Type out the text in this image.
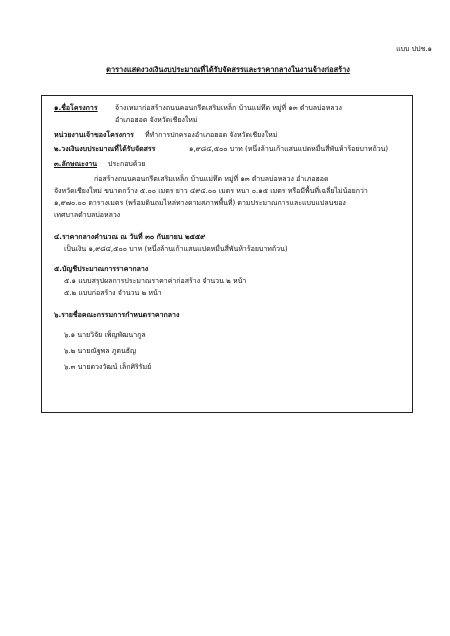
แบบ ปปช.๑
ตารางแสดงวงเงินงบประมาณที่ได้รับจัดสรรและราคากลางในงานจ้างก่อสร้าง
๑.ชื่อโครงการ จ้างเหมาก่อสร้างถนนคอนกรีตเสริมเหล็ก บ้านแม่ทึด หมู่ที่ ๑๓ ตำบลบ่อหลวง
อำเภอฮอด จังหวัดเชียงใหม่
หน่วยงานเจ้าของโครงการ ที่ทำการปกครองอำเภอฮอด จังหวัดเชียงใหม่
๒.วงเงินงบประมาณที่ได้รับจัดสรร	๑,๙๘๔,๕๐๐ บาท (หนึ่งล้านเก้าแสนแปดหมื่นสี่พันห้าร้อยบาทถ้วน)
๓.ลักษณะงาน ประกอบด้วย
ก่อสร้างถนนคอนกรีตเสริมเหล็ก บ้านแม่ทึด หมู่ที่ ๑๓ ตำบลบ่อหลวง อำเภอฮอด
จังหวัดเชียงใหม่ ขนาดกว้าง ๕.๐๐ เมตร ยาว ๔๙๔.๐๐ เมตร หนา ๐.๑๕ เมตร หรือมีพื้นที่เฉลี่ยไม่น้อยกว่า
๑,๙๗๐.๐๐ ตารางเมตร (พร้อมดินถมไหล่ทางตามสภาพพื้นที่) ตามประมาณการและแบบแปลนของ
เทศบาลตำบลบ่อหลวง
๔.ราคากลางคำนวณ ณ วันที่ ๓๐ กันยายน ๒๕๕๙
เป็นเงิน ๑,๙๘๔,๕๐๐ บาท (หนึ่งล้านเก้าแสนแปดหมื่นสี่พันห้าร้อยบาทถ้วน)
๕.บัญชีประมาณการราคากลาง
๕.๑ แบบสรุปผลการประมาณราคาค่าก่อสร้าง จำนวน ๒ หน้า
๕.๒ แบบก่อสร้าง จำนวน ๒ หน้า
๖.รายชื่อคณะกรรมการกำหนดราคากลาง
๖.๑ นายวิจัย เพ็ญพัฒนากูล
๖.๒ นายณัฐพล ภูตนธัญ
๖.๓ นายดวงวัฒน์ เล็กศิริรัมย์
